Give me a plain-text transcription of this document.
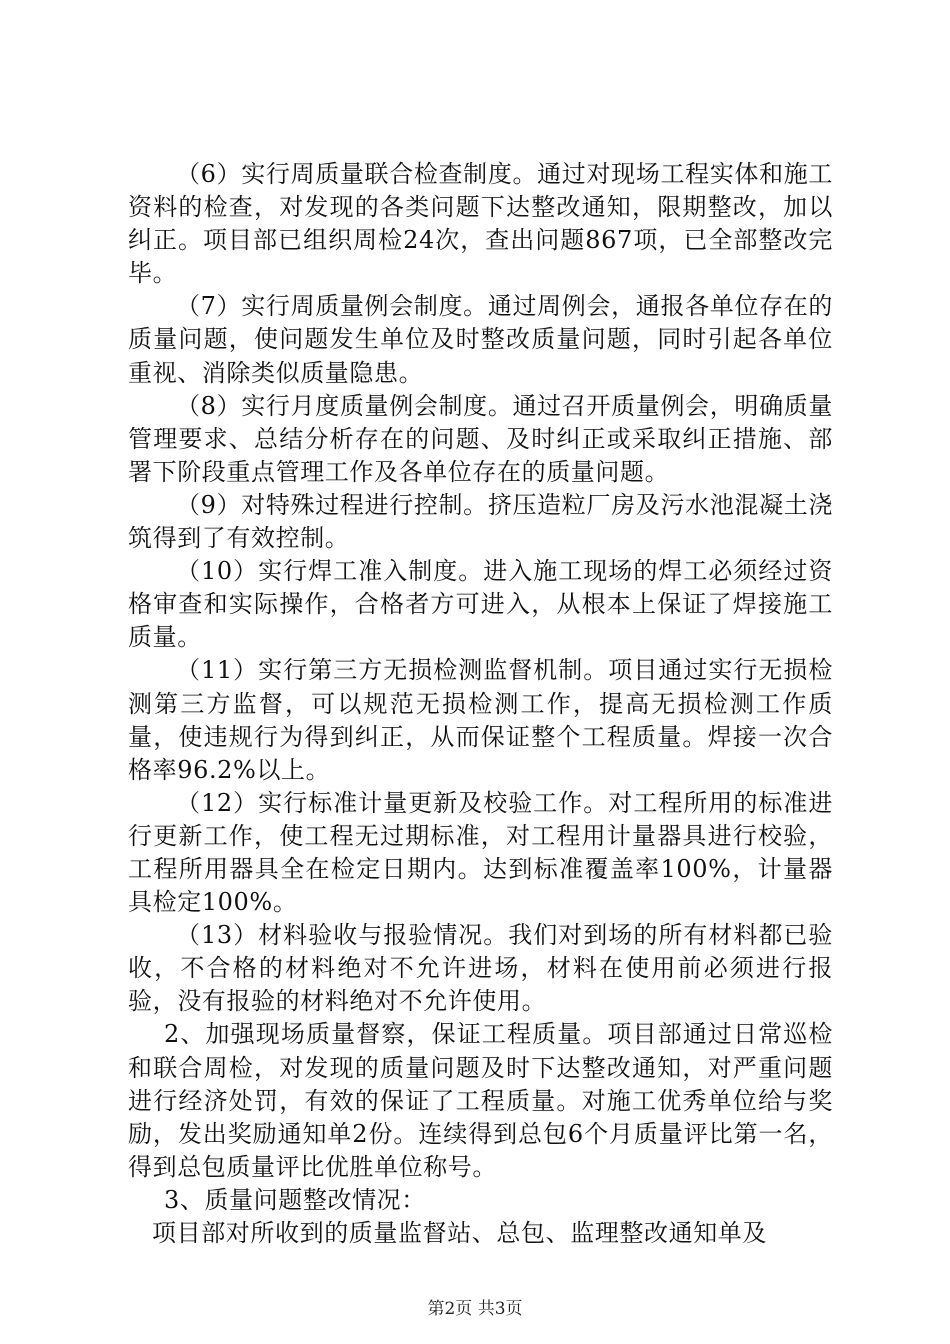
（6）实行周质量联合检查制度。通过对现场工程实体和施工资料的检查，对发现的各类问题下达整改通知，限期整改，加以纠正。项目部已组织周检24次，查出问题867项，已全部整改完毕。

（7）实行周质量例会制度。通过周例会，通报各单位存在的质量问题，使问题发生单位及时整改质量问题，同时引起各单位重视、消除类似质量隐患。

（8）实行月度质量例会制度。通过召开质量例会，明确质量管理要求、总结分析存在的问题、及时纠正或采取纠正措施、部署下阶段重点管理工作及各单位存在的质量问题。

（9）对特殊过程进行控制。挤压造粒厂房及污水池混凝土浇筑得到了有效控制。

（10）实行焊工准入制度。进入施工现场的焊工必须经过资格审查和实际操作，合格者方可进入，从根本上保证了焊接施工质量。

（11）实行第三方无损检测监督机制。项目通过实行无损检测第三方监督，可以规范无损检测工作，提高无损检测工作质量，使违规行为得到纠正，从而保证整个工程质量。焊接一次合格率96.2%以上。

（12）实行标准计量更新及校验工作。对工程所用的标准进行更新工作，使工程无过期标准，对工程用计量器具进行校验，工程所用器具全在检定日期内。达到标准覆盖率100%，计量器具检定100%。

（13）材料验收与报验情况。我们对到场的所有材料都已验收，不合格的材料绝对不允许进场，材料在使用前必须进行报验，没有报验的材料绝对不允许使用。

2、加强现场质量督察，保证工程质量。项目部通过日常巡检和联合周检，对发现的质量问题及时下达整改通知，对严重问题进行经济处罚，有效的保证了工程质量。对施工优秀单位给与奖励，发出奖励通知单2份。连续得到总包6个月质量评比第一名，得到总包质量评比优胜单位称号。

3、质量问题整改情况：

项目部对所收到的质量监督站、总包、监理整改通知单及

第2页 共3页
